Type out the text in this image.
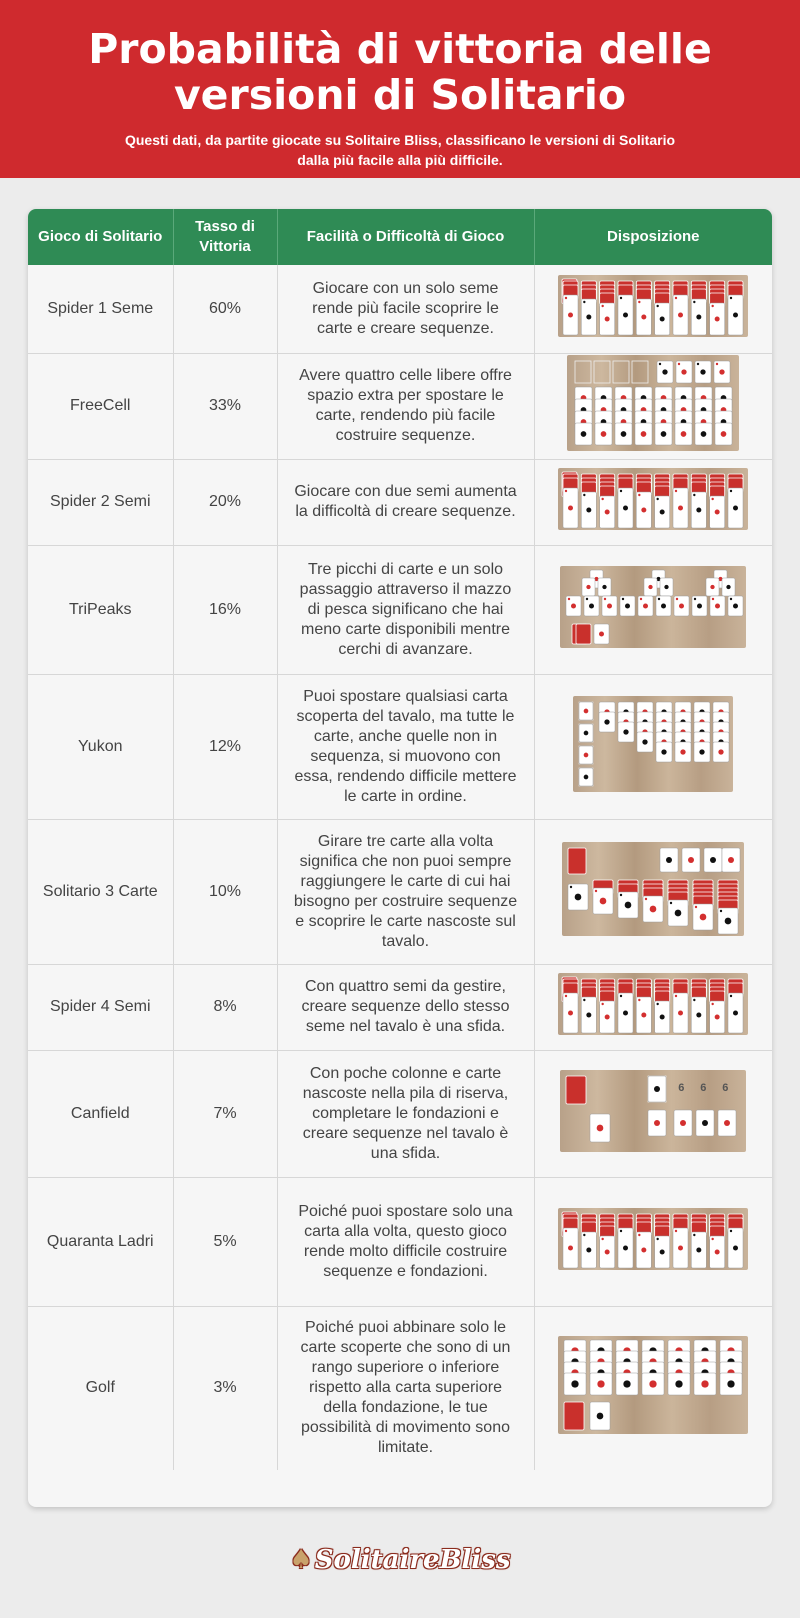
Probabilità di vittoria delle versioni di Solitario

Questi dati, da partite giocate su Solitaire Bliss, classificano le versioni di Solitario dalla più facile alla più difficile.

Gioco di Solitario	Tasso di Vittoria	Facilità o Difficoltà di Gioco	Disposizione
Spider 1 Seme	60%	Giocare con un solo seme rende più facile scoprire le carte e creare sequenze.	

FreeCell	33%	Avere quattro celle libere offre spazio extra per spostare le carte, rendendo più facile costruire sequenze.	

Spider 2 Semi	20%	Giocare con due semi aumenta la difficoltà di creare sequenze.	

TriPeaks	16%	Tre picchi di carte e un solo passaggio attraverso il mazzo di pesca significano che hai meno carte disponibili mentre cerchi di avanzare.	

Yukon	12%	Puoi spostare qualsiasi carta scoperta del tavalo, ma tutte le carte, anche quelle non in sequenza, si muovono con essa, rendendo difficile mettere le carte in ordine.	

Solitario 3 Carte	10%	Girare tre carte alla volta significa che non puoi sempre raggiungere le carte di cui hai bisogno per costruire sequenze e scoprire le carte nascoste sul tavalo.	

Spider 4 Semi	8%	Con quattro semi da gestire, creare sequenze dello stesso seme nel tavalo è una sfida.	

Canfield	7%	Con poche colonne e carte nascoste nella pila di riserva, completare le fondazioni e creare sequenze nel tavalo è una sfida.	6 6 6

Quaranta Ladri	5%	Poiché puoi spostare solo una carta alla volta, questo gioco rende molto difficile costruire sequenze e fondazioni.	

Golf	3%	Poiché puoi abbinare solo le carte scoperte che sono di un rango superiore o inferiore rispetto alla carta superiore della fondazione, le tue possibilità di movimento sono limitate.	
♠SolitaireBliss
